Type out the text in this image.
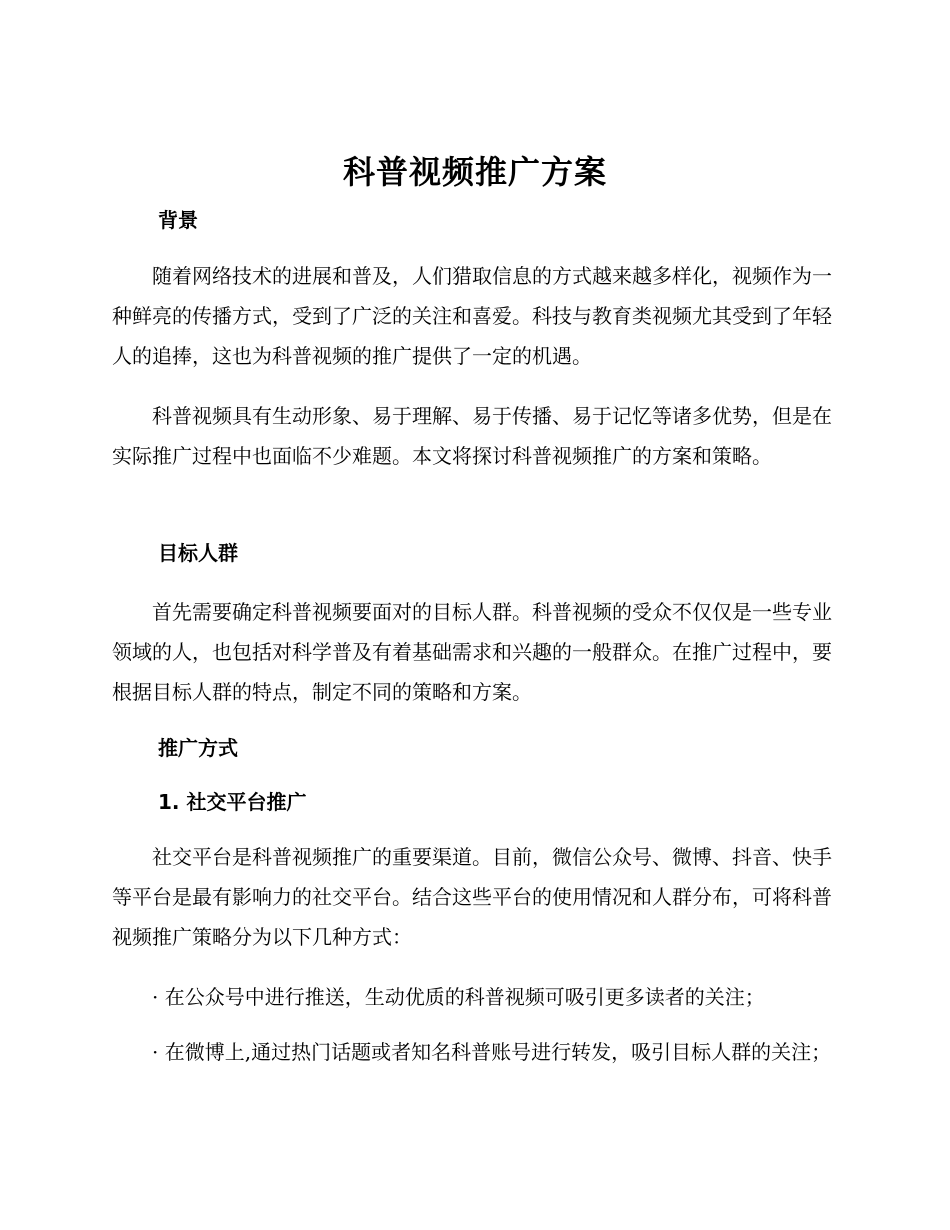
科普视频推广方案
背景

随着网络技术的进展和普及，人们猎取信息的方式越来越多样化，视频作为一种鲜亮的传播方式，受到了广泛的关注和喜爱。科技与教育类视频尤其受到了年轻人的追捧，这也为科普视频的推广提供了一定的机遇。

科普视频具有生动形象、易于理解、易于传播、易于记忆等诸多优势，但是在实际推广过程中也面临不少难题。本文将探讨科普视频推广的方案和策略。

目标人群

首先需要确定科普视频要面对的目标人群。科普视频的受众不仅仅是一些专业领域的人，也包括对科学普及有着基础需求和兴趣的一般群众。在推广过程中，要根据目标人群的特点，制定不同的策略和方案。

推广方式
1. 社交平台推广

社交平台是科普视频推广的重要渠道。目前，微信公众号、微博、抖音、快手等平台是最有影响力的社交平台。结合这些平台的使用情况和人群分布，可将科普视频推广策略分为以下几种方式：

· 在公众号中进行推送，生动优质的科普视频可吸引更多读者的关注；

· 在微博上,通过热门话题或者知名科普账号进行转发，吸引目标人群的关注；
